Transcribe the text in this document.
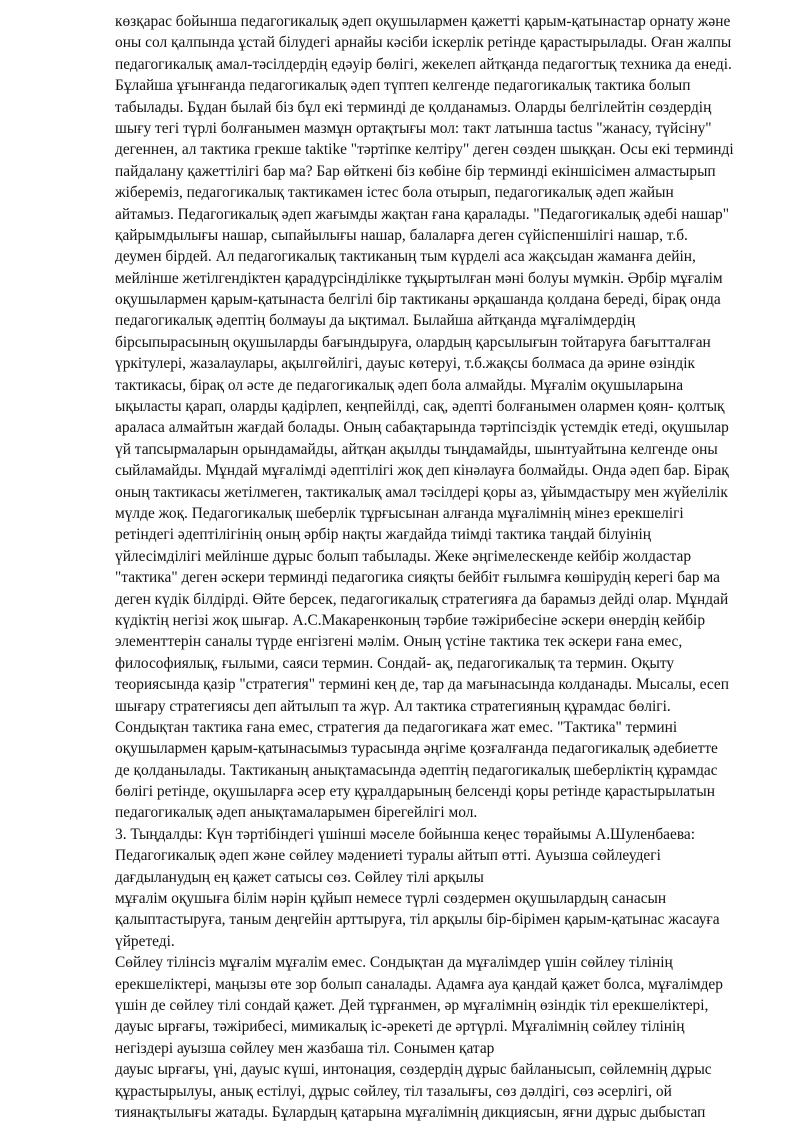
көзқарас бойынша педагогикалық әдеп оқушылармен қажетті қарым-қатынастар орнату және
оны сол қалпында ұстай білудегі арнайы кәсіби іскерлік ретінде қарастырылады. Оған жалпы
педагогикалық амал-тәсілдердің едәуір бөлігі, жекелеп айтқанда педагогтық техника да енеді.
Бұлайша ұғынғанда педагогикалық әдеп түптеп келгенде педагогикалық тактика болып
табылады. Бұдан былай біз бұл екі терминді де қолданамыз. Оларды белгілейтін сөздердің
шығу тегі түрлі болғанымен мазмұн ортақтығы мол: такт латынша tactus "жанасу, түйсіну"
дегеннен, ал тактика грекше taktike "тәртіпке келтіру" деген сөзден шыққан. Осы екі терминді
пайдалану қажеттілігі бар ма? Бар өйткені біз көбіне бір терминді екіншісімен алмастырып
жібереміз, педагогикалық тактикамен істес бола отырып, педагогикалық әдеп жайын
айтамыз. Педагогикалық әдеп жағымды жақтан ғана қаралады. "Педагогикалық әдебі нашар"
қайрымдылығы нашар, сыпайылығы нашар, балаларға деген сүйіспеншілігі нашар, т.б.
деумен бірдей. Ал педагогикалық тактиканың тым күрделі аса жақсыдан жаманға дейін,
мейлінше жетілгендіктен қарадүрсінділікке тұқыртылған мәні болуы мүмкін. Әрбір мұғалім
оқушылармен қарым-қатынаста белгілі бір тактиканы әрқашанда қолдана береді, бірақ онда
педагогикалық әдептің болмауы да ықтимал. Былайша айтқанда мұғалімдердің
бірсыпырасының оқушыларды бағындыруға, олардың қарсылығын тойтаруға бағытталған
үркітулері, жазалаулары, ақылгөйлігі, дауыс көтеруі, т.б.жақсы болмаса да әрине өзіндік
тактикасы, бірақ ол әсте де педагогикалық әдеп бола алмайды. Мұғалім оқушыларына
ықыласты қарап, оларды қадірлеп, кеңпейілді, сақ, әдепті болғанымен олармен қоян- қолтық
араласа алмайтын жағдай болады. Оның сабақтарында тәртіпсіздік үстемдік етеді, оқушылар
үй тапсырмаларын орындамайды, айтқан ақылды тыңдамайды, шынтуайтына келгенде оны
сыйламайды. Мұндай мұғалімді әдептілігі жоқ деп кінәлауға болмайды. Онда әдеп бар. Бірақ
оның тактикасы жетілмеген, тактикалық амал тәсілдері қоры аз, ұйымдастыру мен жүйелілік
мүлде жоқ. Педагогикалық шеберлік тұрғысынан алғанда мұғалімнің мінез ерекшелігі
ретіндегі әдептілігінің оның әрбір нақты жағдайда тиімді тактика таңдай білуінің
үйлесімділігі мейлінше дұрыс болып табылады. Жеке әңгімелескенде кейбір жолдастар
"тактика" деген әскери терминді педагогика сияқты бейбіт ғылымға көшірудің керегі бар ма
деген күдік білдірді. Өйте берсек, педагогикалық стратегияға да барамыз дейді олар. Мұндай
күдіктің негізі жоқ шығар. А.С.Макаренконың тәрбие тәжірибесіне әскери өнердің кейбір
элементтерін саналы түрде енгізгені мәлім. Оның үстіне тактика тек әскери ғана емес,
философиялық, ғылыми, саяси термин. Сондай- ақ, педагогикалық та термин. Оқыту
теориясында қазір "стратегия" термині кең де, тар да мағынасында колданады. Мысалы, есеп
шығару стратегиясы деп айтылып та жүр. Ал тактика стратегияның құрамдас бөлігі.
Сондықтан тактика ғана емес, стратегия да педагогикаға жат емес. "Тактика" термині
оқушылармен қарым-қатынасымыз турасында әңгіме қозғалғанда педагогикалық әдебиетте
де қолданылады. Тактиканың анықтамасында әдептің педагогикалық шеберліктің құрамдас
бөлігі ретінде, оқушыларға әсер ету құралдарының белсенді қоры ретінде қарастырылатын
педагогикалық әдеп анықтамаларымен бірегейлігі мол.
3. Тыңдалды: Күн тәртібіндегі үшінші мәселе бойынша кеңес төрайымы А.Шуленбаева:
Педагогикалық әдеп және сөйлеу мәдениеті туралы айтып өтті. Ауызша сөйлеудегі
дағдыланудың ең қажет сатысы сөз. Сөйлеу тілі арқылы
мұғалім оқушыға білім нәрін құйып немесе түрлі сөздермен оқушылардың санасын
қалыптастыруға, таным деңгейін арттыруға, тіл арқылы бір-бірімен қарым-қатынас жасауға
үйретеді.
Сөйлеу тілінсіз мұғалім мұғалім емес. Сондықтан да мұғалімдер үшін сөйлеу тілінің
ерекшеліктері, маңызы өте зор болып саналады. Адамға ауа қандай қажет болса, мұғалімдер
үшін де сөйлеу тілі сондай қажет. Дей тұрғанмен, әр мұғалімнің өзіндік тіл ерекшеліктері,
дауыс ырғағы, тәжірибесі, мимикалық іс-әрекеті де әртүрлі. Мұғалімнің сөйлеу тілінің
негіздері ауызша сөйлеу мен жазбаша тіл. Сонымен қатар
дауыс ырғағы, үні, дауыс күші, интонация, сөздердің дұрыс байланысып, сөйлемнің дұрыс
құрастырылуы, анық естілуі, дұрыс сөйлеу, тіл тазалығы, сөз дәлдігі, сөз әсерлігі, ой
тиянақтылығы жатады. Бұлардың қатарына мұғалімнің дикциясын, яғни дұрыс дыбыстап
